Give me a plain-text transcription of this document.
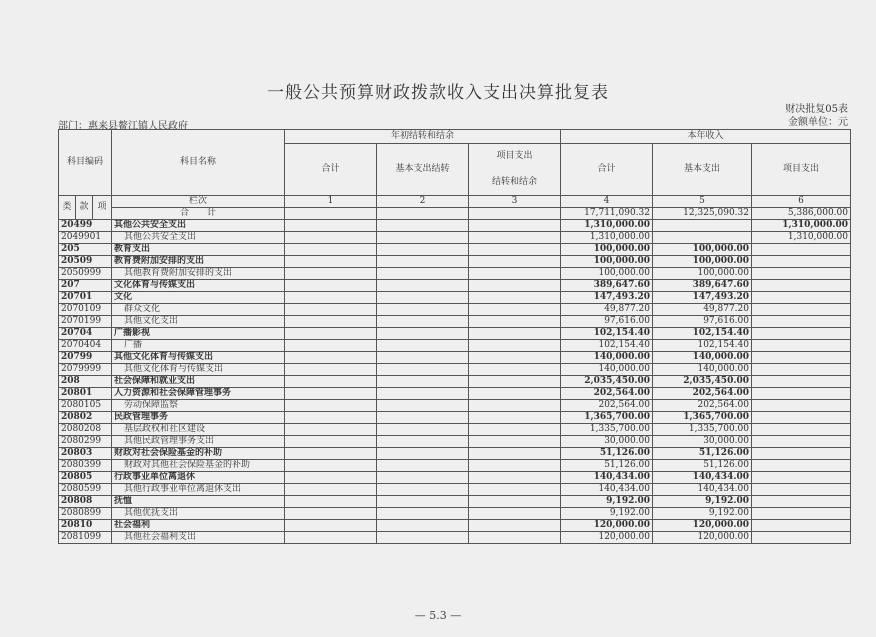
一般公共预算财政拨款收入支出决算批复表
财决批复05表
金额单位：元
部门：惠来县鳌江镇人民政府
科目编码			科目名称	年初结转和结余			本年收入		
				合计	基本支出结转	项目支出	合计	基本支出	项目支出
						结转和结余			
类	款	项	栏次	1	2	3	4	5	6
			合　　计				17,711,090.32	12,325,090.32	5,386,000.00
20499			其他公共安全支出				1,310,000.00		1,310,000.00
2049901			其他公共安全支出				1,310,000.00		1,310,000.00
205			教育支出				100,000.00	100,000.00	
20509			教育费附加安排的支出				100,000.00	100,000.00	
2050999			其他教育费附加安排的支出				100,000.00	100,000.00	
207			文化体育与传媒支出				389,647.60	389,647.60	
20701			文化				147,493.20	147,493.20	
2070109			群众文化				49,877.20	49,877.20	
2070199			其他文化支出				97,616.00	97,616.00	
20704			广播影视				102,154.40	102,154.40	
2070404			广播				102,154.40	102,154.40	
20799			其他文化体育与传媒支出				140,000.00	140,000.00	
2079999			其他文化体育与传媒支出				140,000.00	140,000.00	
208			社会保障和就业支出				2,035,450.00	2,035,450.00	
20801			人力资源和社会保障管理事务				202,564.00	202,564.00	
2080105			劳动保障监察				202,564.00	202,564.00	
20802			民政管理事务				1,365,700.00	1,365,700.00	
2080208			基层政权和社区建设				1,335,700.00	1,335,700.00	
2080299			其他民政管理事务支出				30,000.00	30,000.00	
20803			财政对社会保险基金的补助				51,126.00	51,126.00	
2080399			财政对其他社会保险基金的补助				51,126.00	51,126.00	
20805			行政事业单位离退休				140,434.00	140,434.00	
2080599			其他行政事业单位离退休支出				140,434.00	140,434.00	
20808			抚恤				9,192.00	9,192.00	
2080899			其他优抚支出				9,192.00	9,192.00	
20810			社会福利				120,000.00	120,000.00	
2081099			其他社会福利支出				120,000.00	120,000.00	
— 5.3 —
